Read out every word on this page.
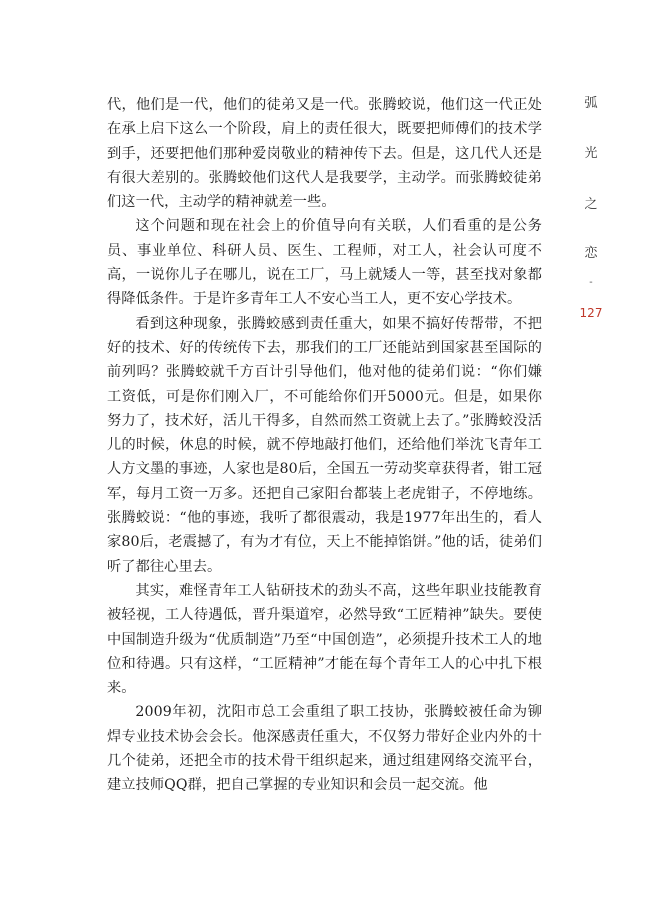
代，他们是一代，他们的徒弟又是一代。张腾蛟说，他们这一代正处在承上启下这么一个阶段，肩上的责任很大，既要把师傅们的技术学到手，还要把他们那种爱岗敬业的精神传下去。但是，这几代人还是有很大差别的。张腾蛟他们这代人是我要学，主动学。而张腾蛟徒弟们这一代，主动学的精神就差一些。

这个问题和现在社会上的价值导向有关联，人们看重的是公务员、事业单位、科研人员、医生、工程师，对工人，社会认可度不高，一说你儿子在哪儿，说在工厂，马上就矮人一等，甚至找对象都得降低条件。于是许多青年工人不安心当工人，更不安心学技术。

看到这种现象，张腾蛟感到责任重大，如果不搞好传帮带，不把好的技术、好的传统传下去，那我们的工厂还能站到国家甚至国际的前列吗？张腾蛟就千方百计引导他们，他对他的徒弟们说：“你们嫌工资低，可是你们刚入厂，不可能给你们开5000元。但是，如果你努力了，技术好，活儿干得多，自然而然工资就上去了。”张腾蛟没活儿的时候，休息的时候，就不停地敲打他们，还给他们举沈飞青年工人方文墨的事迹，人家也是80后，全国五一劳动奖章获得者，钳工冠军，每月工资一万多。还把自己家阳台都装上老虎钳子，不停地练。张腾蛟说：“他的事迹，我听了都很震动，我是1977年出生的，看人家80后，老震撼了，有为才有位，天上不能掉馅饼。”他的话，徒弟们听了都往心里去。

其实，难怪青年工人钻研技术的劲头不高，这些年职业技能教育被轻视，工人待遇低，晋升渠道窄，必然导致“工匠精神”缺失。要使中国制造升级为“优质制造”乃至“中国创造”，必须提升技术工人的地位和待遇。只有这样，“工匠精神”才能在每个青年工人的心中扎下根来。

2009年初，沈阳市总工会重组了职工技协，张腾蛟被任命为铆焊专业技术协会会长。他深感责任重大，不仅努力带好企业内外的十几个徒弟，还把全市的技术骨干组织起来，通过组建网络交流平台，建立技师QQ群，把自己掌握的专业知识和会员一起交流。他

弧
光
之
恋
-
127
